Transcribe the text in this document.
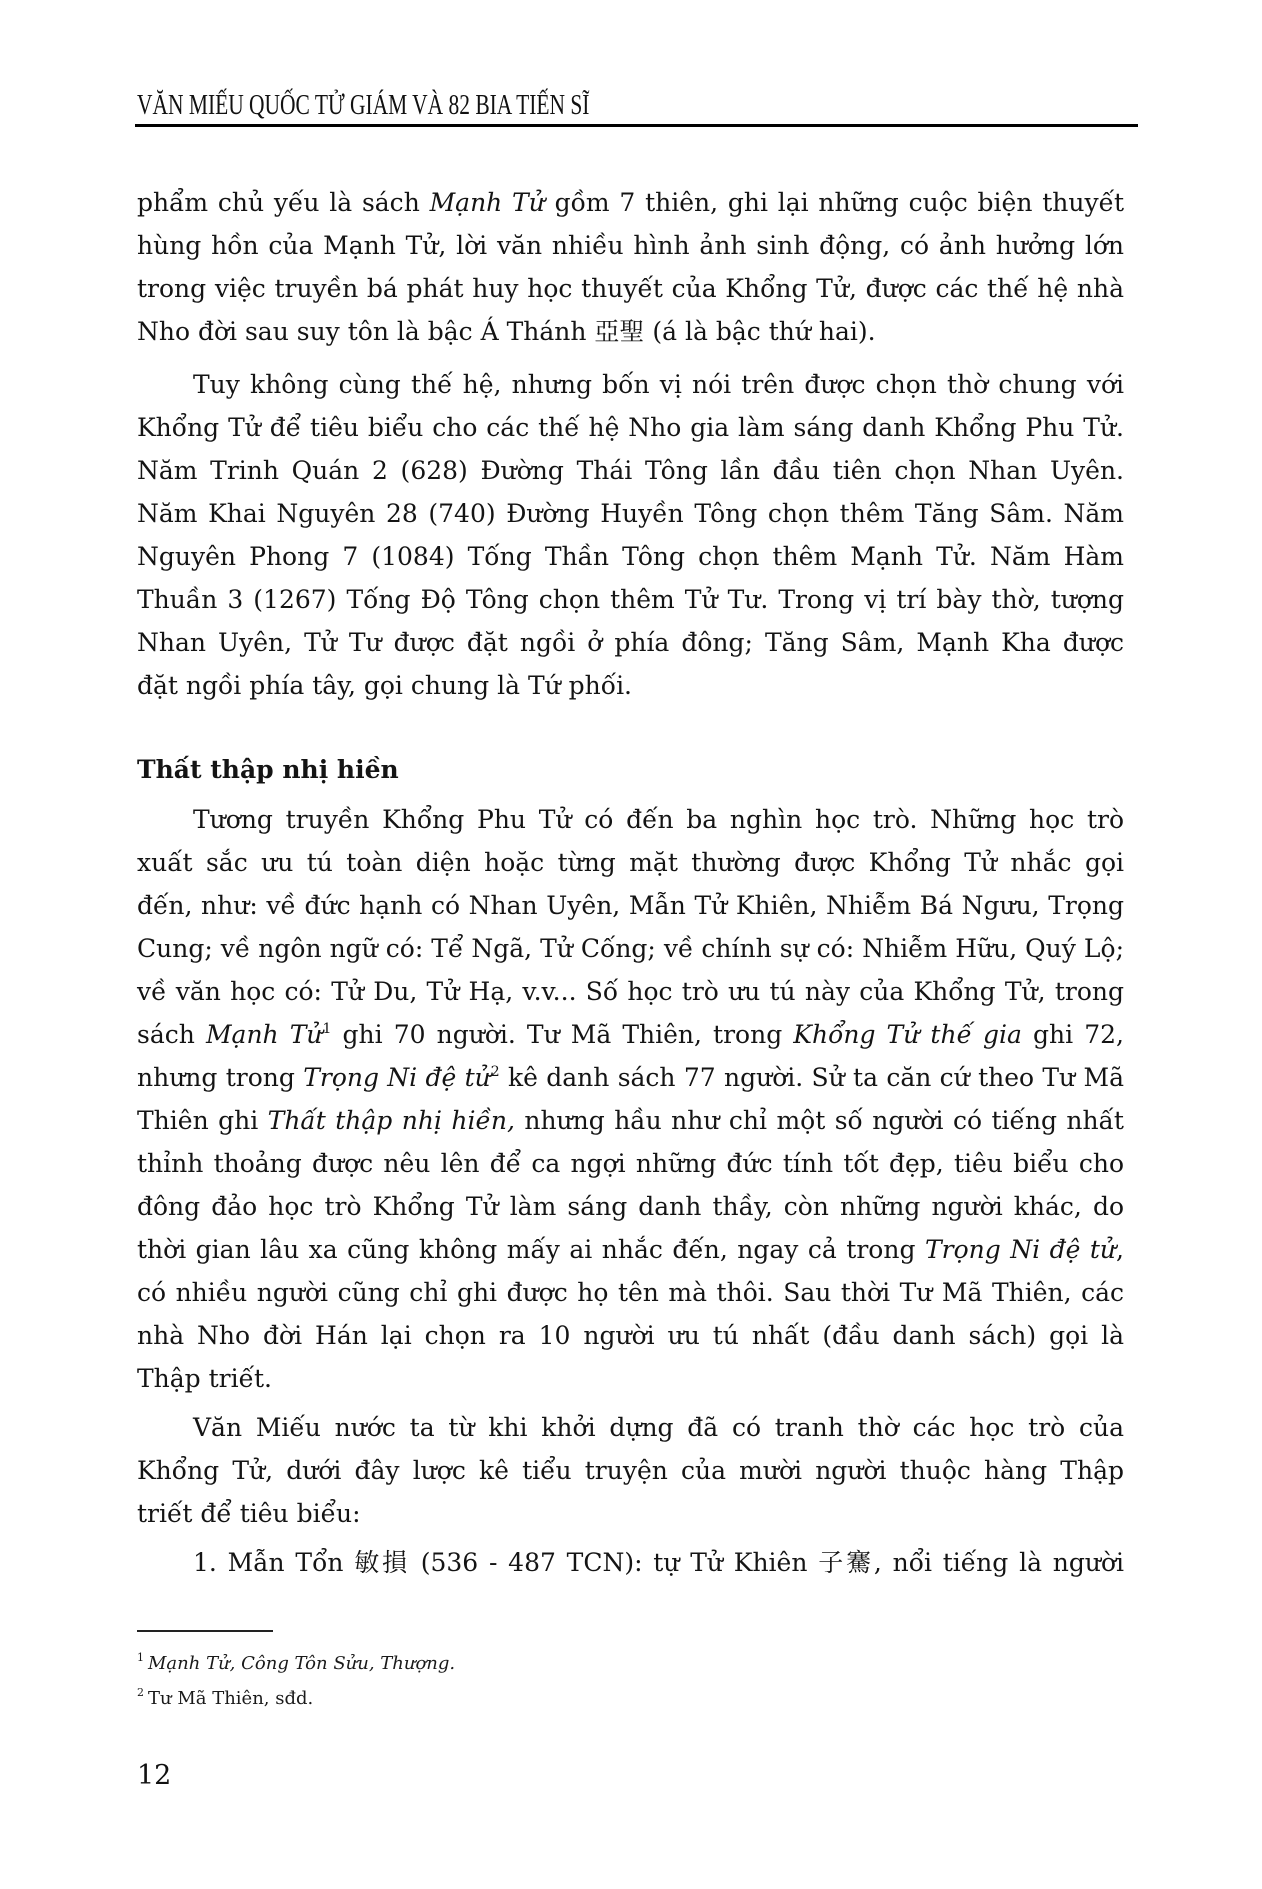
VĂN MIẾU QUỐC TỬ GIÁM VÀ 82 BIA TIẾN SĨ
phẩm chủ yếu là sách Mạnh Tử gồm 7 thiên, ghi lại những cuộc biện thuyết
hùng hồn của Mạnh Tử, lời văn nhiều hình ảnh sinh động, có ảnh hưởng lớn
trong việc truyền bá phát huy học thuyết của Khổng Tử, được các thế hệ nhà
Nho đời sau suy tôn là bậc Á Thánh 亞聖 (á là bậc thứ hai).
Tuy không cùng thế hệ, nhưng bốn vị nói trên được chọn thờ chung với
Khổng Tử để tiêu biểu cho các thế hệ Nho gia làm sáng danh Khổng Phu Tử.
Năm Trinh Quán 2 (628) Đường Thái Tông lần đầu tiên chọn Nhan Uyên.
Năm Khai Nguyên 28 (740) Đường Huyền Tông chọn thêm Tăng Sâm. Năm
Nguyên Phong 7 (1084) Tống Thần Tông chọn thêm Mạnh Tử. Năm Hàm
Thuần 3 (1267) Tống Độ Tông chọn thêm Tử Tư. Trong vị trí bày thờ, tượng
Nhan Uyên, Tử Tư được đặt ngồi ở phía đông; Tăng Sâm, Mạnh Kha được
đặt ngồi phía tây, gọi chung là Tứ phối.
Thất thập nhị hiền
Tương truyền Khổng Phu Tử có đến ba nghìn học trò. Những học trò
xuất sắc ưu tú toàn diện hoặc từng mặt thường được Khổng Tử nhắc gọi
đến, như: về đức hạnh có Nhan Uyên, Mẫn Tử Khiên, Nhiễm Bá Ngưu, Trọng
Cung; về ngôn ngữ có: Tể Ngã, Tử Cống; về chính sự có: Nhiễm Hữu, Quý Lộ;
về văn học có: Tử Du, Tử Hạ, v.v... Số học trò ưu tú này của Khổng Tử, trong
sách Mạnh Tử$^1$ ghi 70 người. Tư Mã Thiên, trong Khổng Tử thế gia ghi 72,
nhưng trong Trọng Ni đệ tử$^2$ kê danh sách 77 người. Sử ta căn cứ theo Tư Mã
Thiên ghi Thất thập nhị hiền, nhưng hầu như chỉ một số người có tiếng nhất
thỉnh thoảng được nêu lên để ca ngợi những đức tính tốt đẹp, tiêu biểu cho
đông đảo học trò Khổng Tử làm sáng danh thầy, còn những người khác, do
thời gian lâu xa cũng không mấy ai nhắc đến, ngay cả trong Trọng Ni đệ tử,
có nhiều người cũng chỉ ghi được họ tên mà thôi. Sau thời Tư Mã Thiên, các
nhà Nho đời Hán lại chọn ra 10 người ưu tú nhất (đầu danh sách) gọi là
Thập triết.
Văn Miếu nước ta từ khi khởi dựng đã có tranh thờ các học trò của
Khổng Tử, dưới đây lược kê tiểu truyện của mười người thuộc hàng Thập
triết để tiêu biểu:
1. Mẫn Tổn 敏損 (536 - 487 TCN): tự Tử Khiên 子騫, nổi tiếng là người
$^1$ Mạnh Tử, Công Tôn Sửu, Thượng.
$^2$ Tư Mã Thiên, sđd.
12
